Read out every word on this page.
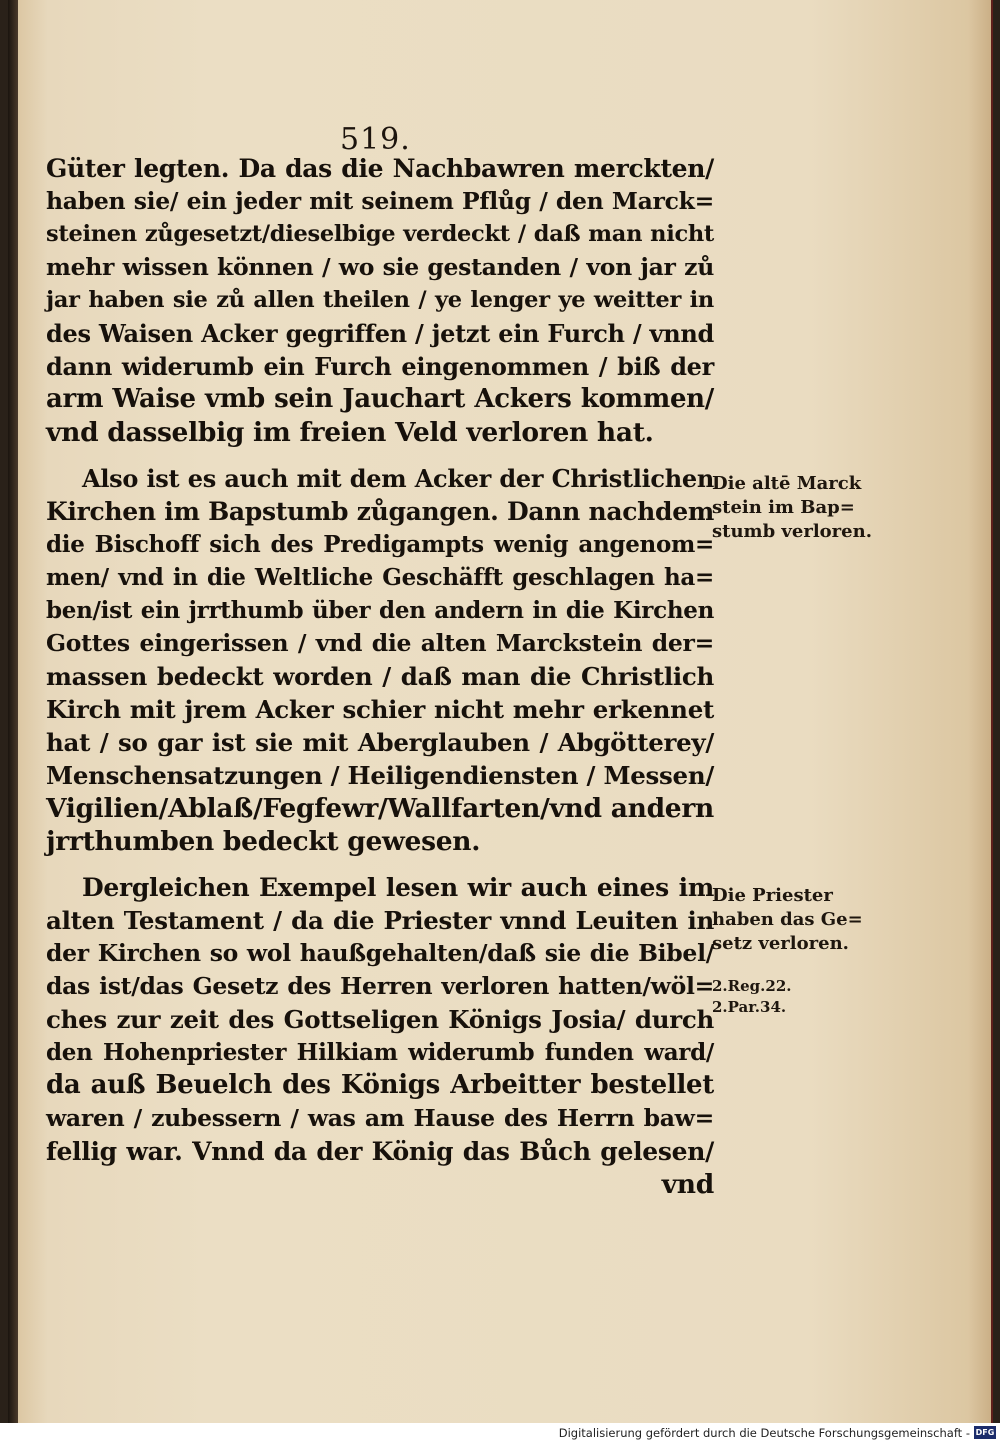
519.
Güter legten. Da das die Nachbawren merckten/
haben sie/ ein jeder mit seinem Pflůg / den Marck=
steinen zůgesetzt/dieselbige verdeckt / daß man nicht
mehr wissen können / wo sie gestanden / von jar zů
jar haben sie zů allen theilen / ye lenger ye weitter in
des Waisen Acker gegriffen / jetzt ein Furch / vnnd
dann widerumb ein Furch eingenommen / biß der
arm Waise vmb sein Jauchart Ackers kommen/
vnd dasselbig im freien Veld verloren hat.
Also ist es auch mit dem Acker der Christlichen
Kirchen im Bapstumb zůgangen. Dann nachdem
die Bischoff sich des Predigampts wenig angenom=
men/ vnd in die Weltliche Geschäfft geschlagen ha=
ben/ist ein jrrthumb über den andern in die Kirchen
Gottes eingerissen / vnd die alten Marckstein der=
massen bedeckt worden / daß man die Christlich
Kirch mit jrem Acker schier nicht mehr erkennet
hat / so gar ist sie mit Aberglauben / Abgötterey/
Menschensatzungen / Heiligendiensten / Messen/
Vigilien/Ablaß/Fegfewr/Wallfarten/vnd andern
jrrthumben bedeckt gewesen.
Dergleichen Exempel lesen wir auch eines im
alten Testament / da die Priester vnnd Leuiten in
der Kirchen so wol haußgehalten/daß sie die Bibel/
das ist/das Gesetz des Herren verloren hatten/wöl=
ches zur zeit des Gottseligen Königs Josia/ durch
den Hohenpriester Hilkiam widerumb funden ward/
da auß Beuelch des Königs Arbeitter bestellet
waren / zubessern / was am Hause des Herrn baw=
fellig war. Vnnd da der König das Bůch gelesen/
vnd
Die altē Marck
stein im Bap=
stumb verloren.
Die Priester
haben das Ge=
setz verloren.
2.Reg.22.
2.Par.34.
Digitalisierung gefördert durch die Deutsche Forschungsgemeinschaft - DFG
